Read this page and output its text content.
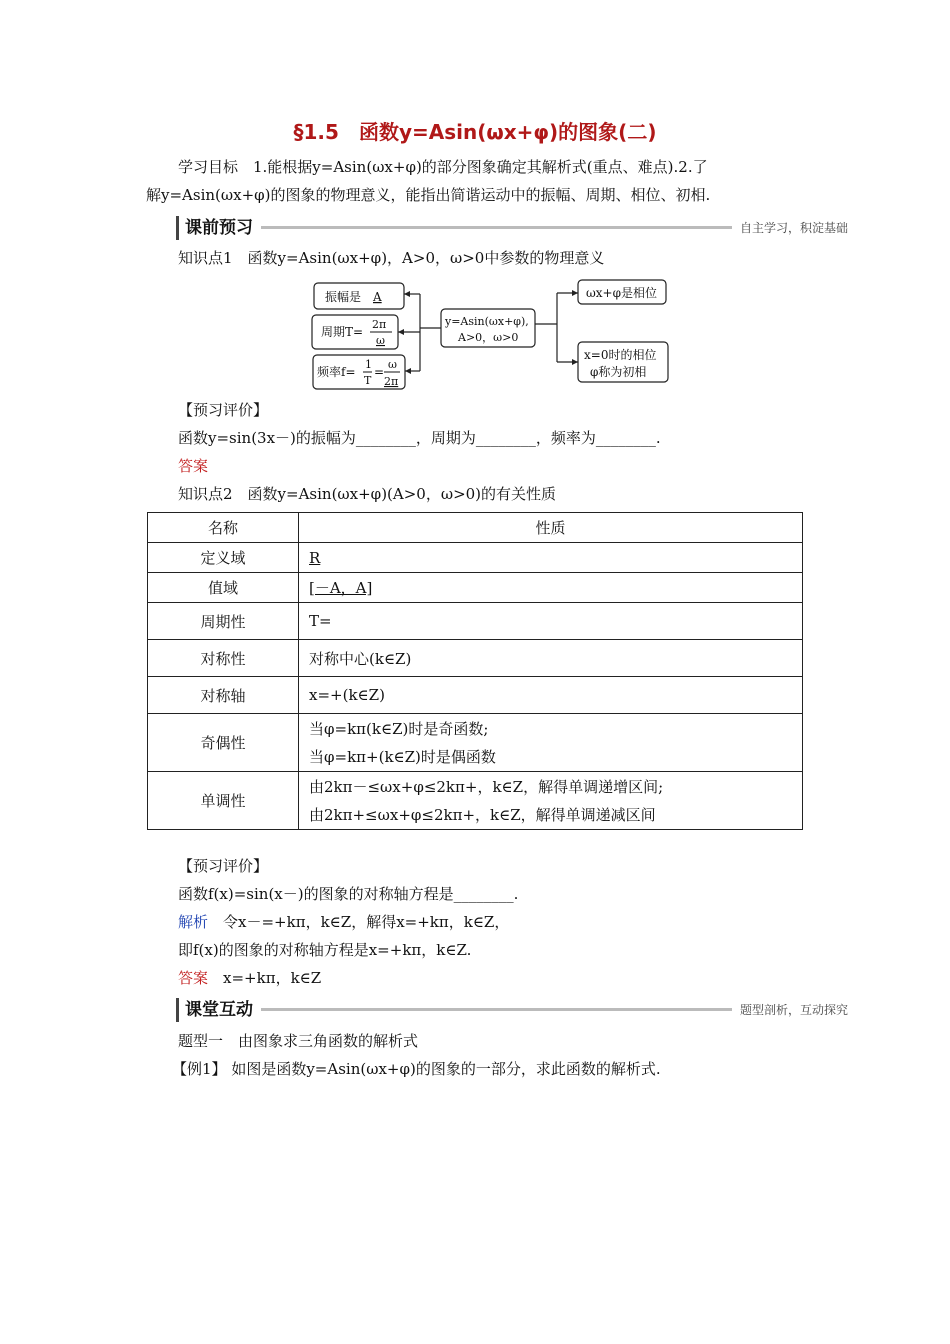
§1.5　函数y=Asin(ωx+φ)的图象(二)
学习目标　1.能根据y=Asin(ωx+φ)的部分图象确定其解析式(重点、难点).2.了
解y=Asin(ωx+φ)的图象的物理意义，能指出简谐运动中的振幅、周期、相位、初相.
课前预习	自主学习，积淀基础
知识点1　函数y=Asin(ωx+φ)，A>0，ω>0中参数的物理意义
振幅是 A
周期T=
2π
ω
频率f=
1
T
=
ω
2π
y=Asin(ωx+φ),
A>0，ω>0
ωx+φ是相位
x=0时的相位
φ称为初相
【预习评价】
函数y=sin(3x－)的振幅为________，周期为________，频率为________.
答案
知识点2　函数y=Asin(ωx+φ)(A>0，ω>0)的有关性质
名称	性质
定义域	R
值域	[－A，A]
周期性	T=
对称性	对称中心(k∈Z)
对称轴	x=+(k∈Z)
奇偶性	当φ=kπ(k∈Z)时是奇函数;
当φ=kπ+(k∈Z)时是偶函数

单调性	由2kπ－≤ωx+φ≤2kπ+，k∈Z，解得单调递增区间;
由2kπ+≤ωx+φ≤2kπ+，k∈Z，解得单调递减区间
【预习评价】
函数f(x)=sin(x－)的图象的对称轴方程是________.
解析　 令x－=+kπ，k∈Z，解得x=+kπ，k∈Z，
即f(x)的图象的对称轴方程是x=+kπ，k∈Z.
答案　 x=+kπ，k∈Z
课堂互动	题型剖析，互动探究
题型一　由图象求三角函数的解析式
【例1】 如图是函数y=Asin(ωx+φ)的图象的一部分，求此函数的解析式.
